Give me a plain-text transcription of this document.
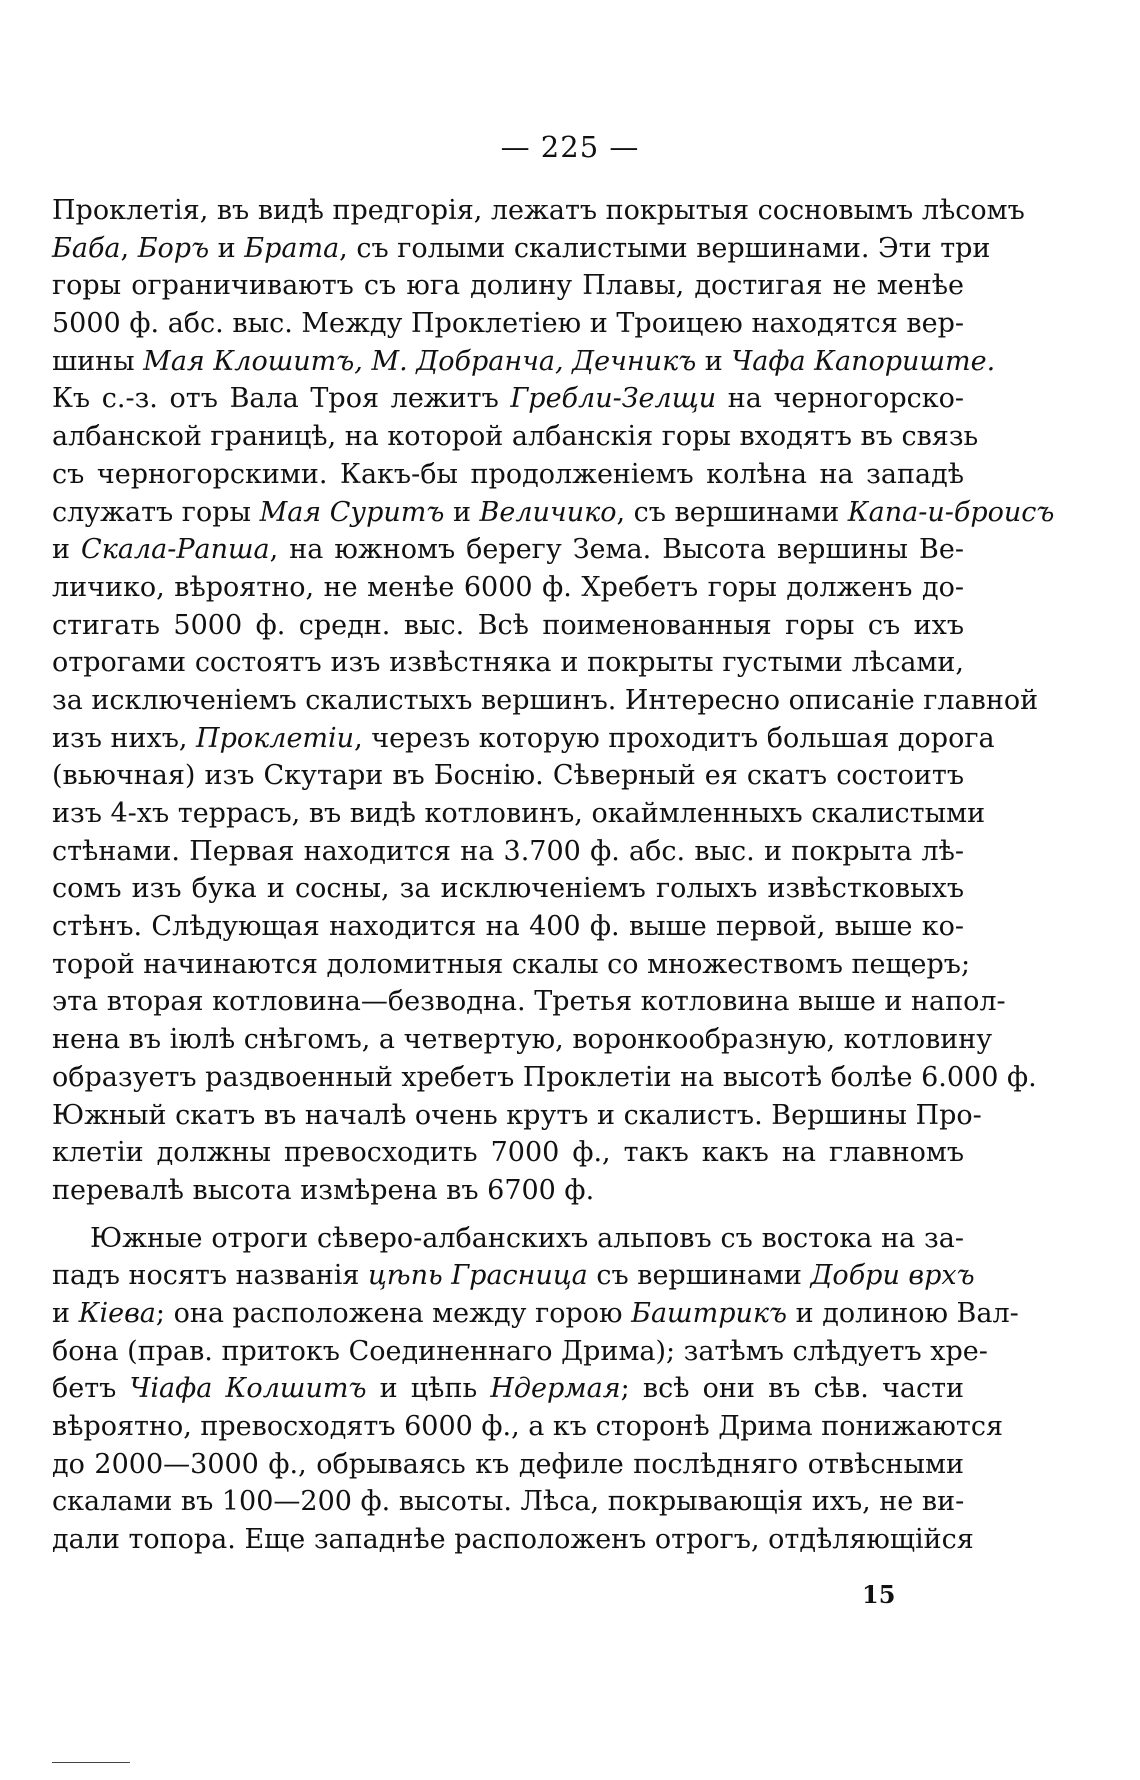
— 225 —
Проклетія, въ видѣ предгорія, лежатъ покрытыя сосновымъ лѣсомъ
Баба, Боръ и Брата, съ голыми скалистыми вершинами. Эти три
горы ограничиваютъ съ юга долину Плавы, достигая не менѣе
5000 ф. абс. выс. Между Проклетіею и Троицею находятся вер-
шины Мая Клошитъ, М. Добранча, Дечникъ и Чафа Капоришmе.
Къ с.-з. отъ Вала Троя лежитъ Гребли-Зелщи на черногорско-
албанской границѣ, на которой албанскія горы входятъ въ связь
съ черногорскими. Какъ-бы продолженіемъ колѣна на западѣ
служатъ горы Мая Суритъ и Величико, съ вершинами Капа-и-броисъ
и Скала-Рапша, на южномъ берегу Зема. Высота вершины Ве-
личико, вѣроятно, не менѣе 6000 ф. Хребетъ горы долженъ до-
стигать 5000 ф. средн. выс. Всѣ поименованныя горы съ ихъ
отрогами состоятъ изъ извѣстняка и покрыты густыми лѣсами,
за исключеніемъ скалистыхъ вершинъ. Интересно описаніе главной
изъ нихъ, Проклетіи, черезъ которую проходитъ большая дорога
(вьючная) изъ Скутари въ Боснію. Сѣверный ея скатъ состоитъ
изъ 4-хъ террасъ, въ видѣ котловинъ, окаймленныхъ скалистыми
стѣнами. Первая находится на 3.700 ф. абс. выс. и покрыта лѣ-
сомъ изъ бука и сосны, за исключеніемъ голыхъ извѣстковыхъ
стѣнъ. Слѣдующая находится на 400 ф. выше первой, выше ко-
торой начинаются доломитныя скалы со множествомъ пещеръ;
эта вторая котловина—безводна. Третья котловина выше и напол-
нена въ іюлѣ снѣгомъ, а четвертую, воронкообразную, котловину
образуетъ раздвоенный хребетъ Проклетіи на высотѣ болѣе 6.000 ф.
Южный скатъ въ началѣ очень крутъ и скалистъ. Вершины Про-
клетіи должны превосходить 7000 ф., такъ какъ на главномъ
перевалѣ высота измѣрена въ 6700 ф.
Южные отроги сѣверо-албанскихъ альповъ съ востока на за-
падъ носятъ названія цѣпь Грасница съ вершинами Добри врхъ
и Кіева; она расположена между горою Баштрикъ и долиною Вал-
бона (прав. притокъ Соединеннаго Дрима); затѣмъ слѣдуетъ хре-
бетъ Чіафа Колшитъ и цѣпь Ндермая; всѣ они въ сѣв. части
вѣроятно, превосходятъ 6000 ф., а къ сторонѣ Дрима понижаются
до 2000—3000 ф., обрываясь къ дефиле послѣдняго отвѣсными
скалами въ 100—200 ф. высоты. Лѣса, покрывающія ихъ, не ви-
дали топора. Еще западнѣе расположенъ отрогъ, отдѣляющійся
15
